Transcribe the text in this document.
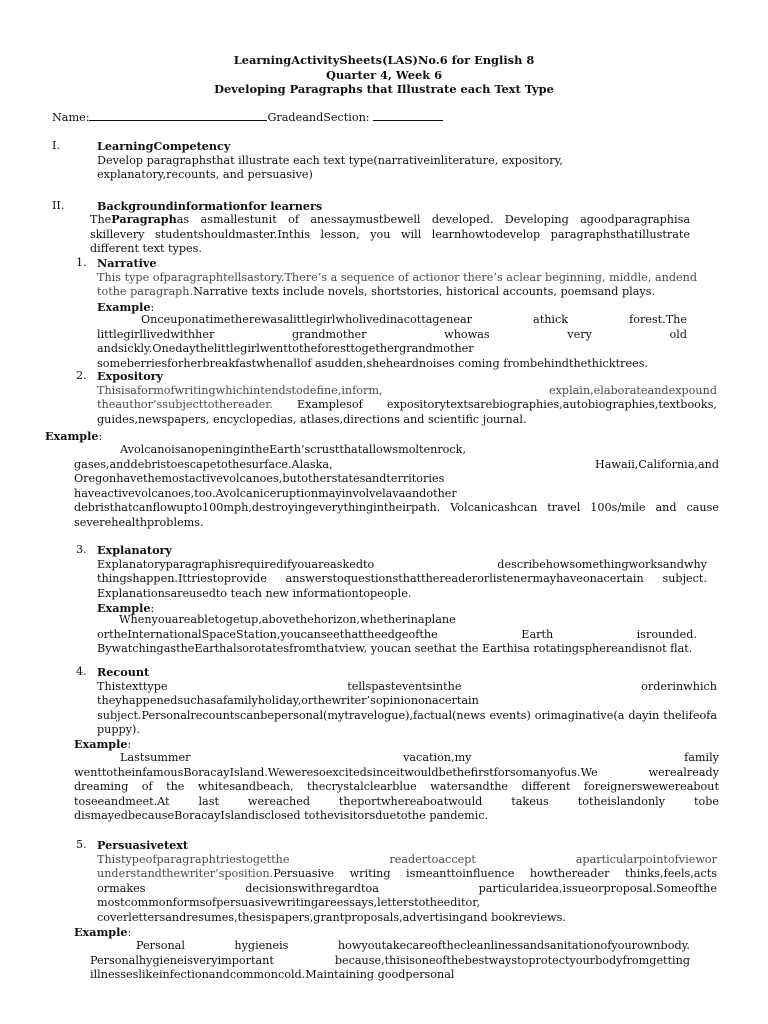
LearningActivitySheets(LAS)No.6 for English 8
Quarter 4, Week 6
Developing Paragraphs that Illustrate each Text Type
Name:	GradeandSection:
I.	LearningCompetency

Develop paragraphsthat illustrate each text type(narrativeinliterature, expository, explanatory,recounts, and persuasive)

II.	Backgroundinformationfor learners
TheParagraphas asmallestunit of anessaymustbewell developed. Developing agoodparagraphisa skillevery studentshouldmaster.Inthis lesson, you will learnhowtodevelop paragraphsthatillustrate different text types.
1. Narrative

This type ofparagraphtellsastory.There’s a sequence of actionor there’s aclear beginning, middle, andend tothe paragraph.Narrative texts include novels, shortstories, historical accounts, poemsand plays.

Example:
Onceuponatimetherewasalittlegirlwholivedinacottagenear athick forest.The littlegirllivedwithher grandmother whowas very old andsickly.Onedaythelittlegirlwenttotheforesttogethergrandmother someberriesforherbreakfastwhenallof asudden,sheheardnoises coming frombehindthethicktrees.
2. Expository

Thisisaformofwritingwhichintendstodefine,inform, explain,elaborateandexpound theauthor’ssubjecttothereader. Examplesof expositorytextsarebiographies,autobiographies,textbooks, guides,newspapers, encyclopedias, atlases,directions and scientific journal.

Example:
AvolcanoisanopeningintheEarth’scrustthatallowsmoltenrock, gases,anddebristoescapetothesurface.Alaska, Hawaii,California,and Oregonhavethemostactivevolcanoes,butotherstatesandterritories haveactivevolcanoes,too.Avolcaniceruptionmayinvolvelavaandother debristhatcanflowupto100mph,destroyingeverythingintheirpath. Volcanicashcan travel 100s/mile and cause severehealthproblems.
3. Explanatory

Explanatoryparagraphisrequiredifyouareaskedto describehowsomethingworksandwhy thingshappen.Ittriestoprovide answerstoquestionsthatthereaderorlistenermayhaveonacertain subject. Explanationsareusedto teach new informationtopeople.

Example:
Whenyouareabletogetup,abovethehorizon,whetherinaplane ortheInternationalSpaceStation,youcanseethattheedgeofthe Earth isrounded. BywatchingastheEarthalsorotatesfromthatview, youcan seethat the Earthisa rotatingsphereandisnot flat.
4. Recount

Thistexttype tellspasteventsinthe orderinwhich theyhappenedsuchasafamilyholiday,orthewriter’sopiniononacertain subject.Personalrecountscanbepersonal(mytravelogue),factual(news events) orimaginative(a dayin thelifeofa puppy).

Example:
Lastsummer vacation,my family wenttotheinfamousBoracayIsland.Weweresoexcitedsinceitwouldbethefirstforsomanyofus.We werealready dreaming of the whitesandbeach, thecrystalclearblue watersandthe different foreignerswewereabout toseeandmeet.At last wereached theportwhereaboatwould takeus totheislandonly tobe dismayedbecauseBoracayIslandisclosed tothevisitorsduetothe pandemic.
5. Persuasivetext

Thistypeofparagraphtriestogetthe readertoaccept aparticularpointofviewor understandthewriter’sposition.Persuasive writing ismeanttoinfluence howthereader thinks,feels,acts ormakes decisionswithregardtoa particularidea,issueorproposal.Someofthe mostcommonformsofpersuasivewritingareessays,letterstotheeditor, coverlettersandresumes,thesispapers,grantproposals,advertisingand bookreviews.

Example:
Personal hygieneis howyoutakecareofthecleanlinessandsanitationofyourownbody. Personalhygieneisveryimportant because,thisisoneofthebestwaystoprotectyourbodyfromgetting illnesseslikeinfectionandcommoncold.Maintaining goodpersonal
